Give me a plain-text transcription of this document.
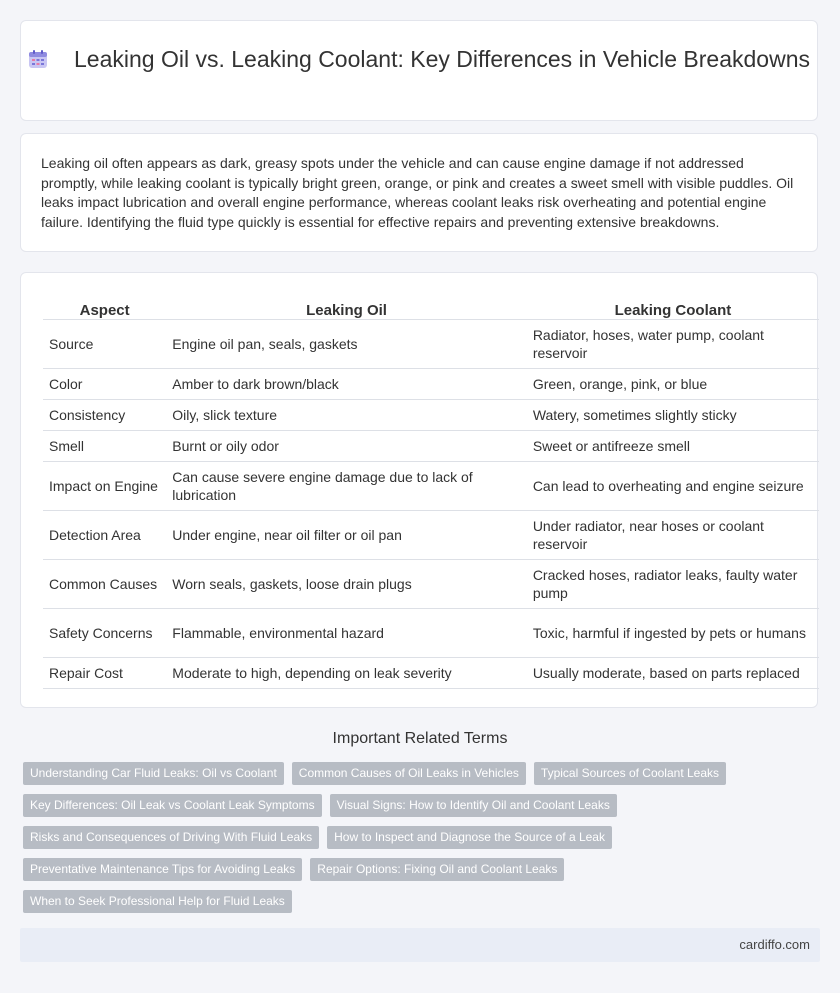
Leaking Oil vs. Leaking Coolant: Key Differences in Vehicle Breakdowns
Leaking oil often appears as dark, greasy spots under the vehicle and can cause engine damage if not addressed promptly, while leaking coolant is typically bright green, orange, or pink and creates a sweet smell with visible puddles. Oil leaks impact lubrication and overall engine performance, whereas coolant leaks risk overheating and potential engine failure. Identifying the fluid type quickly is essential for effective repairs and preventing extensive breakdowns.
Aspect	Leaking Oil	Leaking Coolant
Source	Engine oil pan, seals, gaskets	Radiator, hoses, water pump, coolant reservoir
Color	Amber to dark brown/black	Green, orange, pink, or blue
Consistency	Oily, slick texture	Watery, sometimes slightly sticky
Smell	Burnt or oily odor	Sweet or antifreeze smell
Impact on Engine	Can cause severe engine damage due to lack of lubrication	Can lead to overheating and engine seizure
Detection Area	Under engine, near oil filter or oil pan	Under radiator, near hoses or coolant reservoir
Common Causes	Worn seals, gaskets, loose drain plugs	Cracked hoses, radiator leaks, faulty water pump
Safety Concerns	Flammable, environmental hazard	Toxic, harmful if ingested by pets or humans
Repair Cost	Moderate to high, depending on leak severity	Usually moderate, based on parts replaced
Important Related Terms
Understanding Car Fluid Leaks: Oil vs Coolant	Common Causes of Oil Leaks in Vehicles	Typical Sources of Coolant Leaks
Key Differences: Oil Leak vs Coolant Leak Symptoms	Visual Signs: How to Identify Oil and Coolant Leaks
Risks and Consequences of Driving With Fluid Leaks	How to Inspect and Diagnose the Source of a Leak
Preventative Maintenance Tips for Avoiding Leaks	Repair Options: Fixing Oil and Coolant Leaks
When to Seek Professional Help for Fluid Leaks
cardiffo.com
